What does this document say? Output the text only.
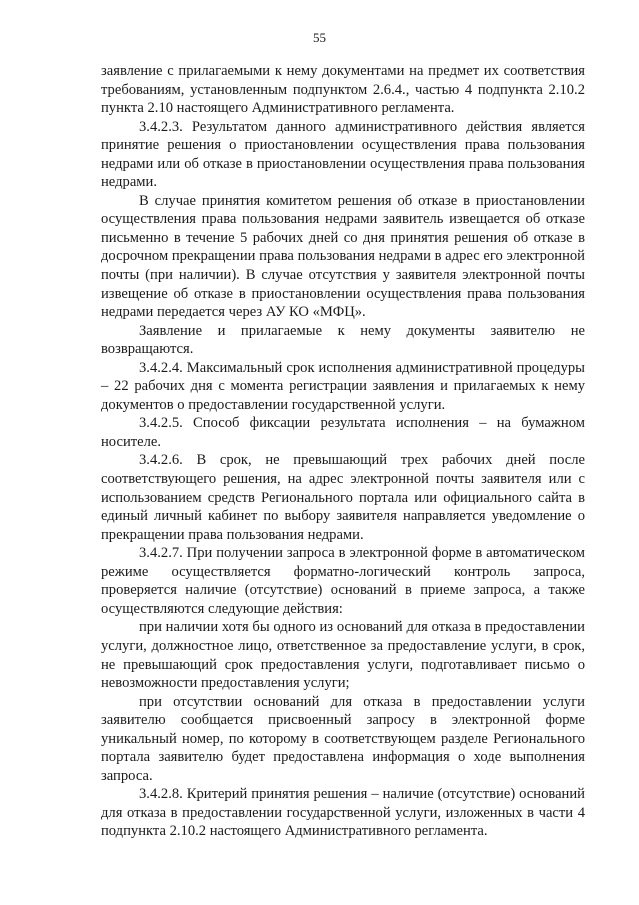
55

заявление с прилагаемыми к нему документами на предмет их соответствия требованиям, установленным подпунктом 2.6.4., частью 4 подпункта 2.10.2 пункта 2.10 настоящего Административного регламента.

3.4.2.3. Результатом данного административного действия является принятие решения о приостановлении осуществления права пользования недрами или об отказе в приостановлении осуществления права пользования недрами.

В случае принятия комитетом решения об отказе в приостановлении осуществления права пользования недрами заявитель извещается об отказе письменно в течение 5 рабочих дней со дня принятия решения об отказе в досрочном прекращении права пользования недрами в адрес его электронной почты (при наличии). В случае отсутствия у заявителя электронной почты извещение об отказе в приостановлении осуществления права пользования недрами передается через АУ КО «МФЦ».

Заявление и прилагаемые к нему документы заявителю не возвращаются.

3.4.2.4. Максимальный срок исполнения административной процедуры – 22 рабочих дня с момента регистрации заявления и прилагаемых к нему документов о предоставлении государственной услуги.

3.4.2.5. Способ фиксации результата исполнения – на бумажном носителе.

3.4.2.6. В срок, не превышающий трех рабочих дней после соответствующего решения, на адрес электронной почты заявителя или с использованием средств Регионального портала или официального сайта в единый личный кабинет по выбору заявителя направляется уведомление о прекращении права пользования недрами.

3.4.2.7. При получении запроса в электронной форме в автоматическом режиме осуществляется форматно-логический контроль запроса, проверяется наличие (отсутствие) оснований в приеме запроса, а также осуществляются следующие действия:

при наличии хотя бы одного из оснований для отказа в предоставлении услуги, должностное лицо, ответственное за предоставление услуги, в срок, не превышающий срок предоставления услуги, подготавливает письмо о невозможности предоставления услуги;

при отсутствии оснований для отказа в предоставлении услуги заявителю сообщается присвоенный запросу в электронной форме уникальный номер, по которому в соответствующем разделе Регионального портала заявителю будет предоставлена информация о ходе выполнения запроса.

3.4.2.8. Критерий принятия решения – наличие (отсутствие) оснований для отказа в предоставлении государственной услуги, изложенных в части 4 подпункта 2.10.2 настоящего Административного регламента.
